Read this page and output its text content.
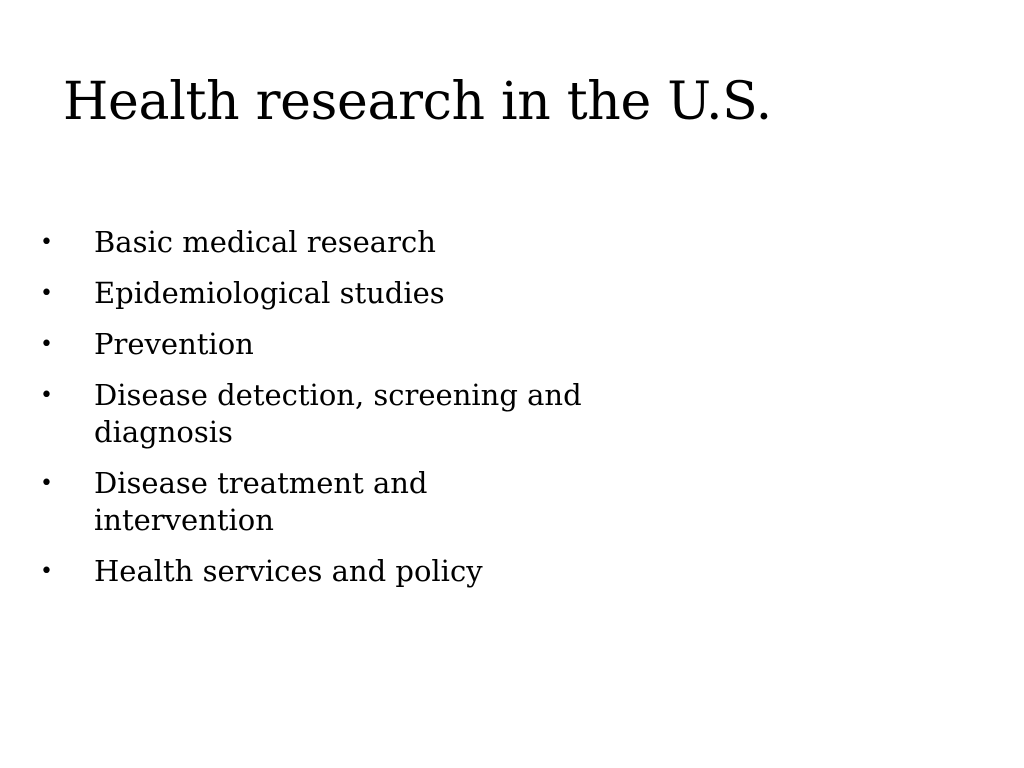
Health research in the U.S.
•	Basic medical research
•	Epidemiological studies
•	Prevention
•	Disease detection, screening and diagnosis
•	Disease treatment and intervention
•	Health services and policy
